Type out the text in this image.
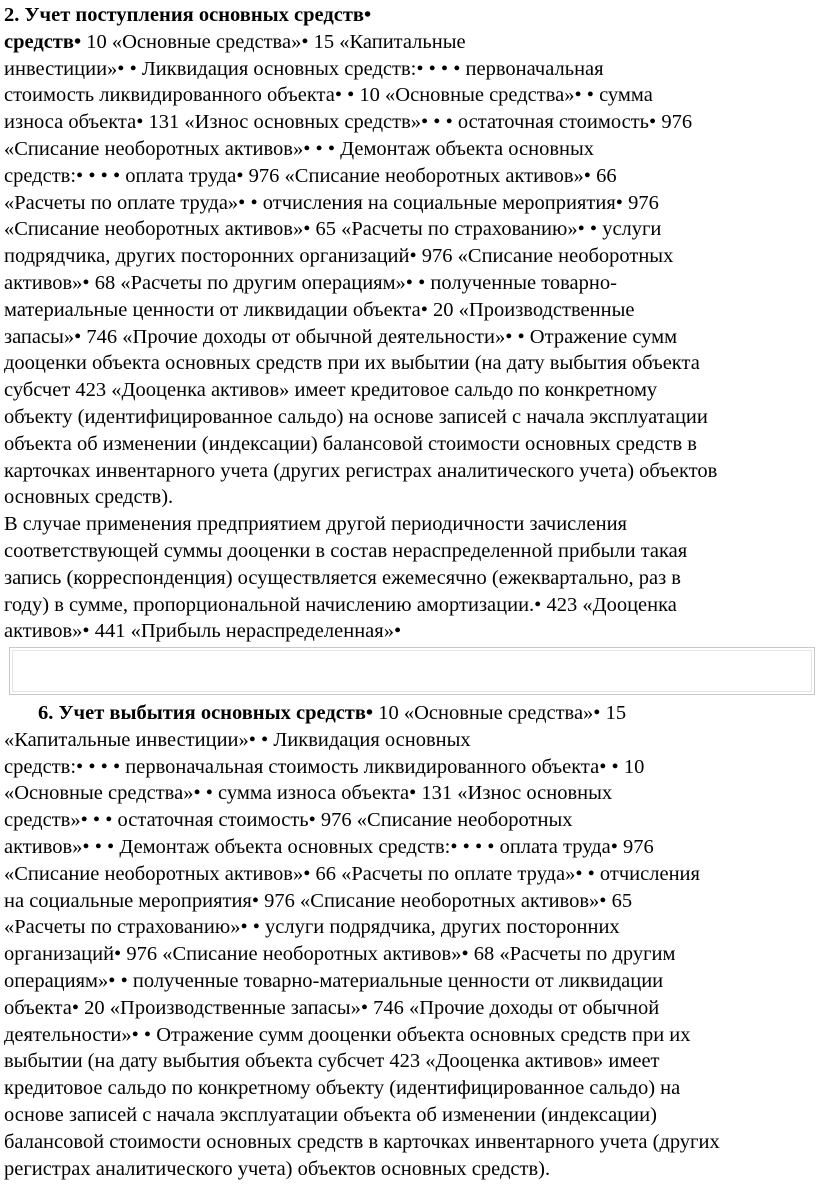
2. Учет поступления основных средств•
средств• 10 «Основные средства»• 15 «Капитальные
инвестиции»• • Ликвидация основных средств:• • • • первоначальная
стоимость ликвидированного объекта• • 10 «Основные средства»• • сумма
износа объекта• 131 «Износ основных средств»• • • остаточная стоимость• 976
«Списание необоротных активов»• • • Демонтаж объекта основных
средств:• • • • оплата труда• 976 «Списание необоротных активов»• 66
«Расчеты по оплате труда»• • отчисления на социальные мероприятия• 976
«Списание необоротных активов»• 65 «Расчеты по страхованию»• • услуги
подрядчика, других посторонних организаций• 976 «Списание необоротных
активов»• 68 «Расчеты по другим операциям»• • полученные товарно-
материальные ценности от ликвидации объекта• 20 «Производственные
запасы»• 746 «Прочие доходы от обычной деятельности»• • Отражение сумм
дооценки объекта основных средств при их выбытии (на дату выбытия объекта
субсчет 423 «Дооценка активов» имеет кредитовое сальдо по конкретному
объекту (идентифицированное сальдо) на основе записей с начала эксплуатации
объекта об изменении (индексации) балансовой стоимости основных средств в
карточках инвентарного учета (других регистрах аналитического учета) объектов
основных средств).
В случае применения предприятием другой периодичности зачисления
соответствующей суммы дооценки в состав нераспределенной прибыли такая
запись (корреспонденция) осуществляется ежемесячно (ежеквартально, раз в
году) в сумме, пропорциональной начислению амортизации.• 423 «Дооценка
активов»• 441 «Прибыль нераспределенная»•
6. Учет выбытия основных средств• 10 «Основные средства»• 15
«Капитальные инвестиции»• • Ликвидация основных
средств:• • • • первоначальная стоимость ликвидированного объекта• • 10
«Основные средства»• • сумма износа объекта• 131 «Износ основных
средств»• • • остаточная стоимость• 976 «Списание необоротных
активов»• • • Демонтаж объекта основных средств:• • • • оплата труда• 976
«Списание необоротных активов»• 66 «Расчеты по оплате труда»• • отчисления
на социальные мероприятия• 976 «Списание необоротных активов»• 65
«Расчеты по страхованию»• • услуги подрядчика, других посторонних
организаций• 976 «Списание необоротных активов»• 68 «Расчеты по другим
операциям»• • полученные товарно-материальные ценности от ликвидации
объекта• 20 «Производственные запасы»• 746 «Прочие доходы от обычной
деятельности»• • Отражение сумм дооценки объекта основных средств при их
выбытии (на дату выбытия объекта субсчет 423 «Дооценка активов» имеет
кредитовое сальдо по конкретному объекту (идентифицированное сальдо) на
основе записей с начала эксплуатации объекта об изменении (индексации)
балансовой стоимости основных средств в карточках инвентарного учета (других
регистрах аналитического учета) объектов основных средств).
